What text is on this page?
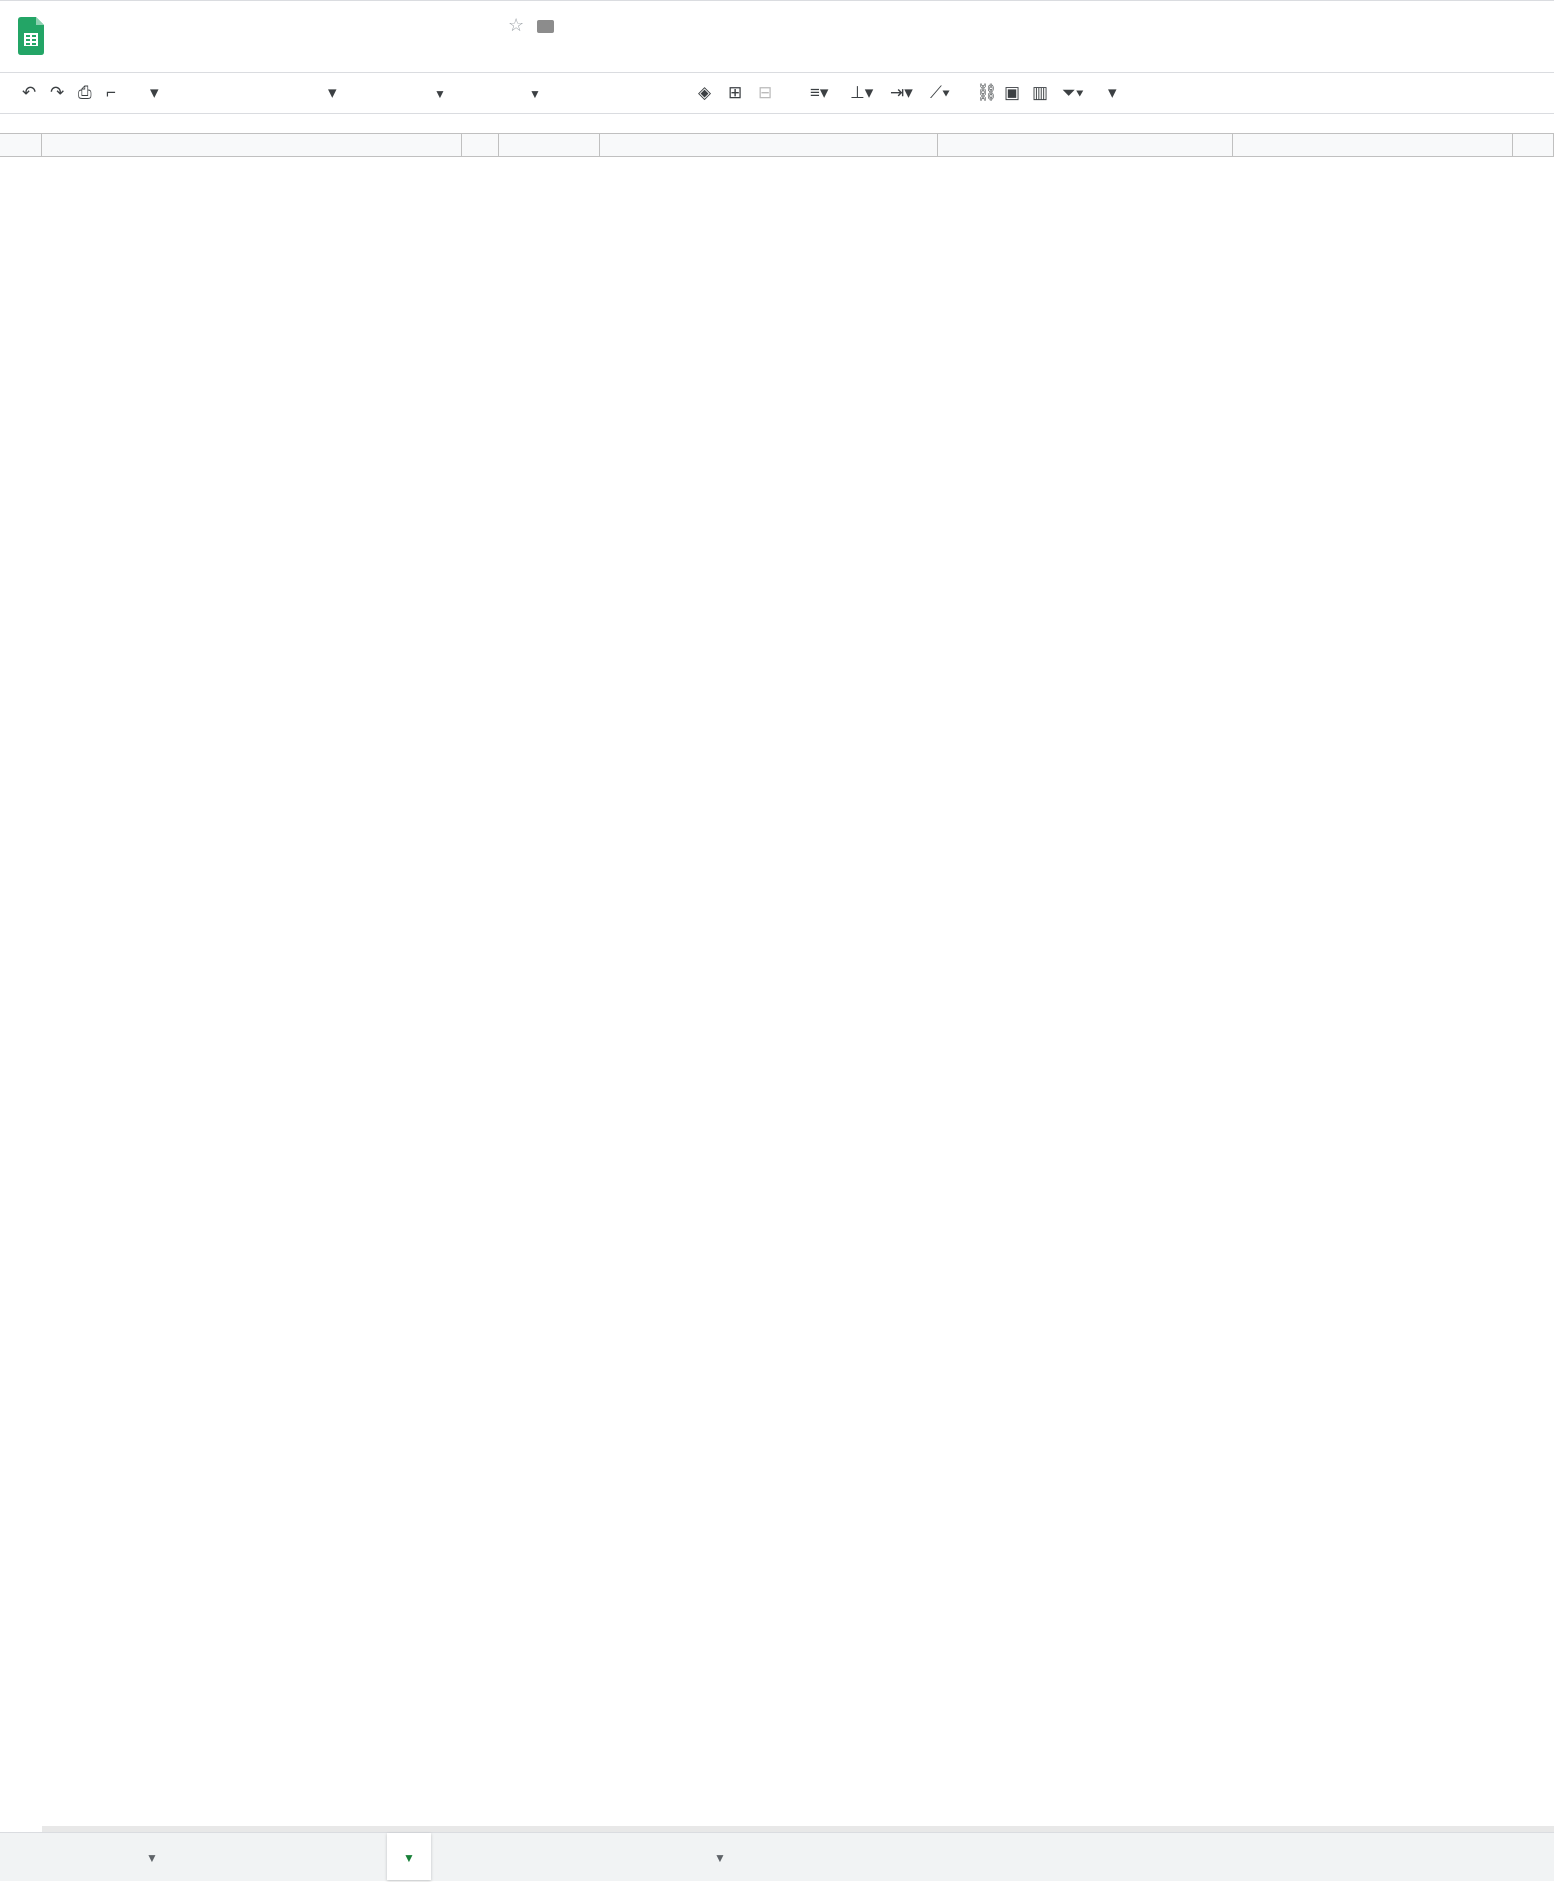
☆

↶ ↷ ⎙ ⌐ ▾	▾	▼	▼	◈ ⊞ ⊟ ≡▾ ⊥▾ ⇥▾ ⟋▾ ⛓ ▣ ▥ ⏷▾ ▾
▼	▼	▼
